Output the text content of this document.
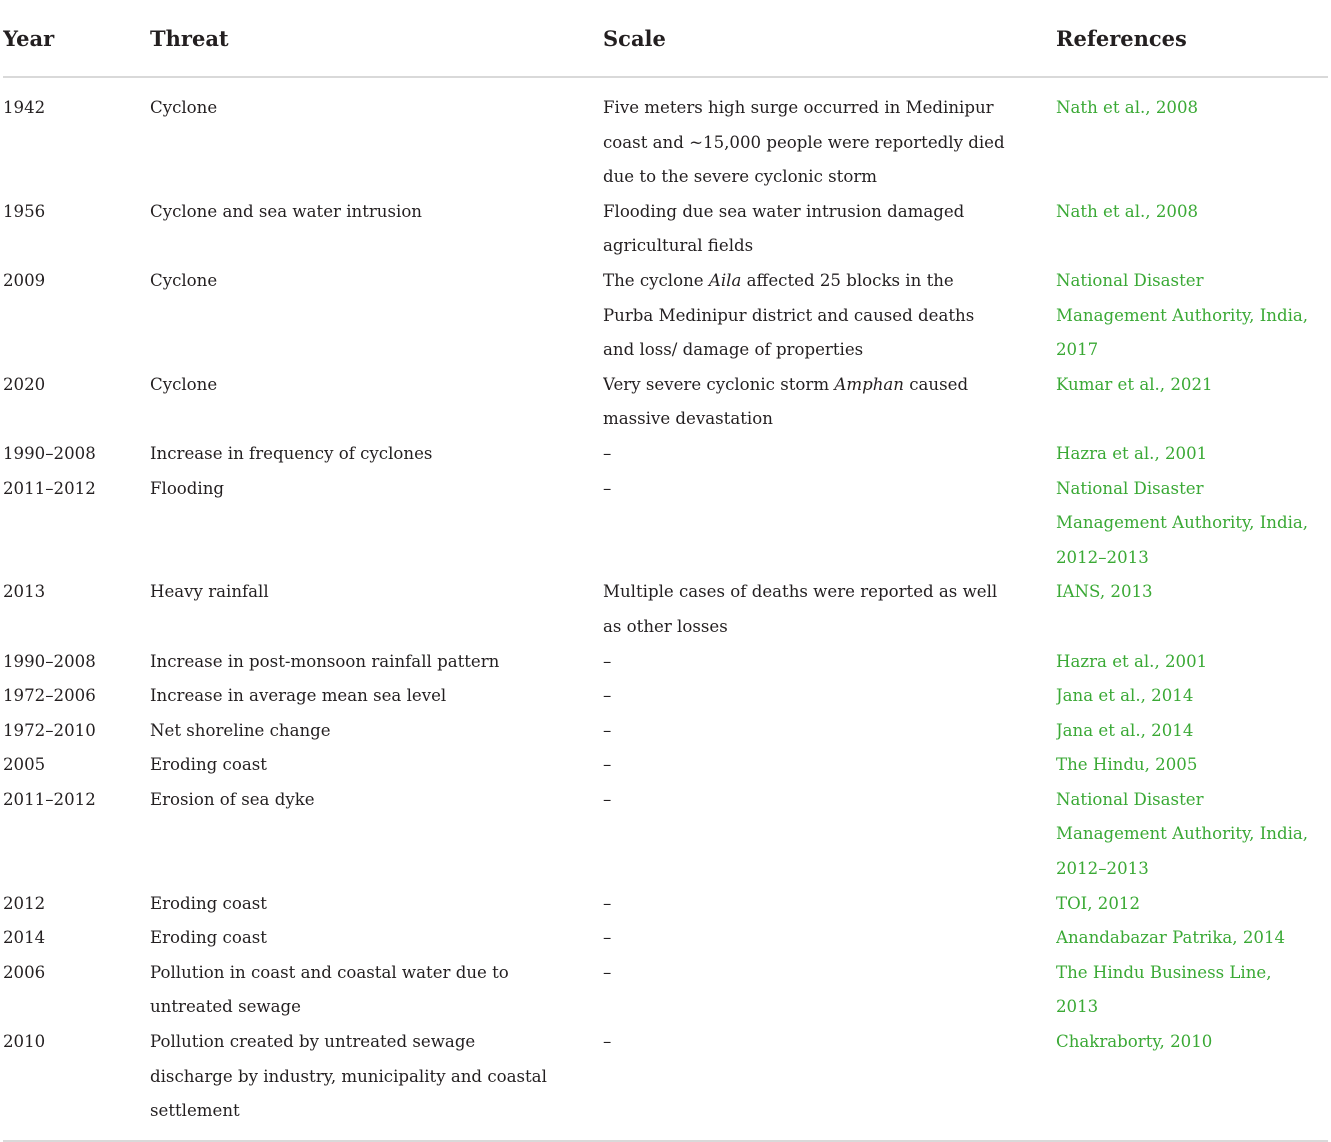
Year	Threat	Scale	References
1942	Cyclone	Five meters high surge occurred in Medinipur coast and ~15,000 people were reportedly died due to the severe cyclonic storm	Nath et al., 2008
1956	Cyclone and sea water intrusion	Flooding due sea water intrusion damaged agricultural fields	Nath et al., 2008
2009	Cyclone	The cyclone Aila affected 25 blocks in the Purba Medinipur district and caused deaths and loss/ damage of properties	National Disaster Management Authority, India, 2017
2020	Cyclone	Very severe cyclonic storm Amphan caused massive devastation	Kumar et al., 2021
1990–2008	Increase in frequency of cyclones	–	Hazra et al., 2001
2011–2012	Flooding	–	National Disaster Management Authority, India, 2012–2013
2013	Heavy rainfall	Multiple cases of deaths were reported as well as other losses	IANS, 2013
1990–2008	Increase in post-monsoon rainfall pattern	–	Hazra et al., 2001
1972–2006	Increase in average mean sea level	–	Jana et al., 2014
1972–2010	Net shoreline change	–	Jana et al., 2014
2005	Eroding coast	–	The Hindu, 2005
2011–2012	Erosion of sea dyke	–	National Disaster Management Authority, India, 2012–2013
2012	Eroding coast	–	TOI, 2012
2014	Eroding coast	–	Anandabazar Patrika, 2014
2006	Pollution in coast and coastal water due to untreated sewage	–	The Hindu Business Line, 2013
2010	Pollution created by untreated sewage discharge by industry, municipality and coastal settlement	–	Chakraborty, 2010
